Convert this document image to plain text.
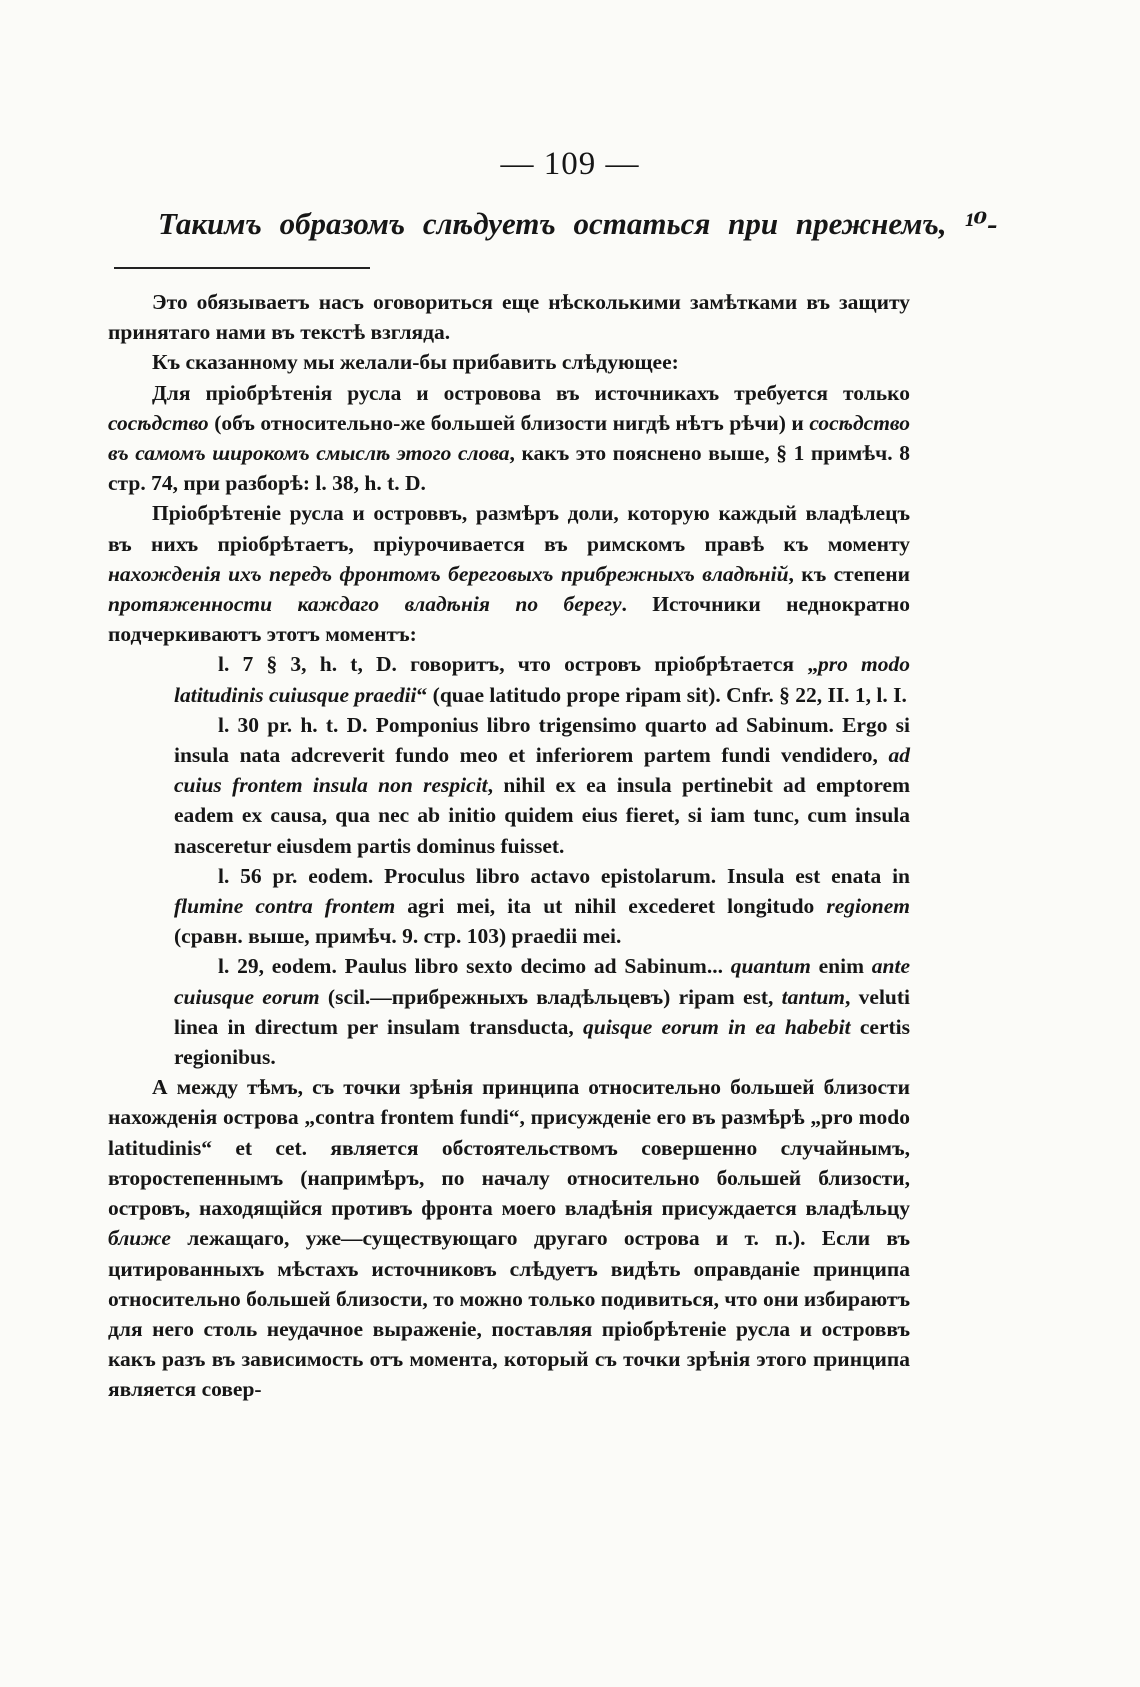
— 109 —
Такимъ образомъ слѣдуетъ остаться при прежнемъ, ¹⁰-

Это обязываетъ насъ оговориться еще нѣсколькими замѣтками въ защиту принятаго нами въ текстѣ взгляда.

Къ сказанному мы желали-бы прибавить слѣдующее:

Для пріобрѣтенія русла и островова въ источникахъ требуется только сосѣдство (объ относительно-же большей близости нигдѣ нѣтъ рѣчи) и сосѣдство въ самомъ широкомъ смыслѣ этого слова, какъ это пояснено выше, § 1 примѣч. 8 стр. 74, при разборѣ: l. 38, h. t. D.

Пріобрѣтеніе русла и островвъ, размѣръ доли, которую каждый владѣлецъ въ нихъ пріобрѣтаетъ, пріурочивается въ римскомъ правѣ къ моменту нахожденія ихъ передъ фронтомъ береговыхъ прибрежныхъ владѣній, къ степени протяженности каждаго владѣнія по берегу. Источники неднократно подчеркиваютъ этотъ моментъ:

l. 7 § 3, h. t, D. говоритъ, что островъ пріобрѣтается „pro modo latitudinis cuiusque praedii“ (quae latitudo prope ripam sit). Cnfr. § 22, II. 1, l. I.

l. 30 pr. h. t. D. Pomponius libro trigensimo quarto ad Sabinum. Ergo si insula nata adcreverit fundo meo et inferiorem partem fundi vendidero, ad cuius frontem insula non respicit, nihil ex ea insula pertinebit ad emptorem eadem ex causa, qua nec ab initio quidem eius fieret, si iam tunc, cum insula nasceretur eiusdem partis dominus fuisset.

l. 56 pr. eodem. Proculus libro actavo epistolarum. Insula est enata in flumine contra frontem agri mei, ita ut nihil excederet longitudo regionem (сравн. выше, примѣч. 9. стр. 103) praedii mei.

l. 29, eodem. Paulus libro sexto decimo ad Sabinum... quantum enim ante cuiusque eorum (scil.—прибрежныхъ владѣльцевъ) ripam est, tantum, veluti linea in directum per insulam transducta, quisque eorum in ea habebit certis regionibus.

А между тѣмъ, съ точки зрѣнія принципа относительно большей близости нахожденія острова „contra frontem fundi“, присужденіе его въ размѣрѣ „pro modo latitudinis“ et cet. является обстоятельствомъ совершенно случайнымъ, второстепеннымъ (напримѣръ, по началу относительно большей близости, островъ, находящійся противъ фронта моего владѣнія присуждается владѣльцу ближе лежащаго, уже—существующаго другаго острова и т. п.). Если въ цитированныхъ мѣстахъ источниковъ слѣдуетъ видѣть оправданіе принципа относительно большей близости, то можно только подивиться, что они избираютъ для него столь неудачное выраженіе, поставляя пріобрѣтеніе русла и островвъ какъ разъ въ зависимость отъ момента, который съ точки зрѣнія этого принципа является совер-
